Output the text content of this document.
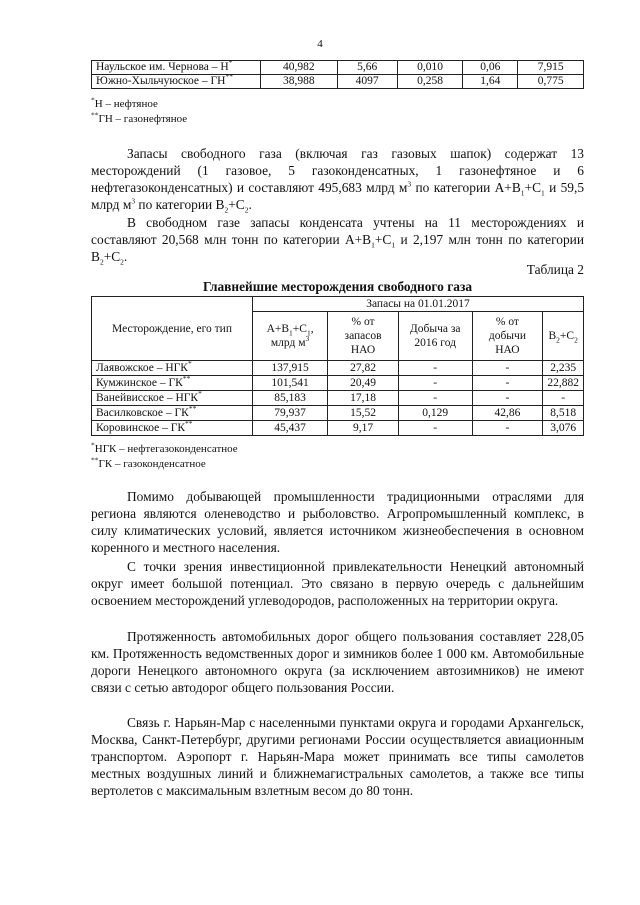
4
Наульское им. Чернова – Н*	40,982	5,66	0,010	0,06	7,915
Южно-Хыльчуюское – ГН**	38,988	4097	0,258	1,64	0,775
*Н – нефтяное
**ГН – газонефтяное

Запасы свободного газа (включая газ газовых шапок) содержат 13 месторождений (1 газовое, 5 газоконденсатных, 1 газонефтяное и 6 нефтегазоконденсатных) и составляют 495,683 млрд $м^3$ по категории $А+В_1+С_1$ и 59,5 млрд $м^3$ по категории $В_2+С_2$.

В свободном газе запасы конденсата учтены на 11 месторождениях и составляют 20,568 млн тонн по категории $А+В_1+С_1$ и 2,197 млн тонн по категории $В_2+С_2$.

Таблица 2
Главнейшие месторождения свободного газа
Месторождение, его тип	Запасы на 01.01.2017				
	$А+В_1+С_1$, млрд $м^3$	% от запасов НАО	Добыча за 2016 год	% от добычи НАО	$В_2+С_2$
Лаявожское – НГК*	137,915	27,82	-	-	2,235
Кумжинское – ГК**	101,541	20,49	-	-	22,882
Ванейвисское – НГК*	85,183	17,18	-	-	-
Василковское – ГК**	79,937	15,52	0,129	42,86	8,518
Коровинское – ГК**	45,437	9,17	-	-	3,076
*НГК – нефтегазоконденсатное
**ГК – газоконденсатное

Помимо добывающей промышленности традиционными отраслями для региона являются оленеводство и рыболовство. Агропромышленный комплекс, в силу климатических условий, является источником жизнеобеспечения в основном коренного и местного населения.

С точки зрения инвестиционной привлекательности Ненецкий автономный округ имеет большой потенциал. Это связано в первую очередь с дальнейшим освоением месторождений углеводородов, расположенных на территории округа.

Протяженность автомобильных дорог общего пользования составляет 228,05 км. Протяженность ведомственных дорог и зимников более 1 000 км. Автомобильные дороги Ненецкого автономного округа (за исключением автозимников) не имеют связи с сетью автодорог общего пользования России.

Связь г. Нарьян-Мар с населенными пунктами округа и городами Архангельск, Москва, Санкт-Петербург, другими регионами России осуществляется авиационным транспортом. Аэропорт г. Нарьян-Мара может принимать все типы самолетов местных воздушных линий и ближнемагистральных самолетов, а также все типы вертолетов с максимальным взлетным весом до 80 тонн.
